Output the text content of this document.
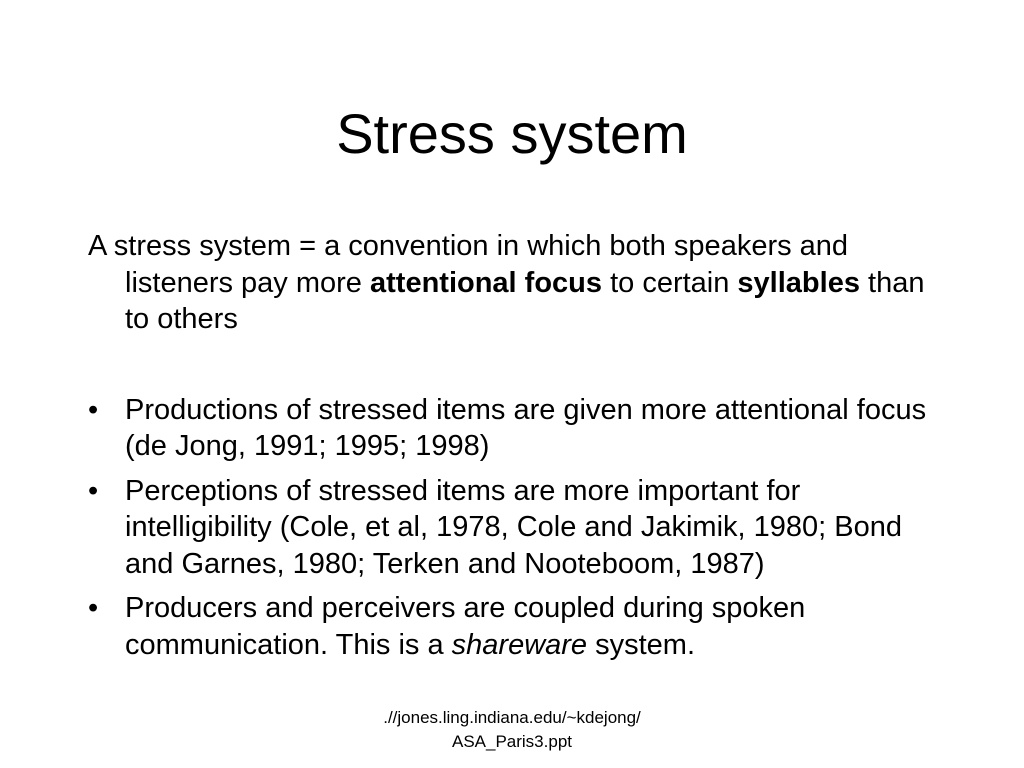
Stress system

A stress system = a convention in which both speakers and listeners pay more attentional focus to certain syllables than to others

• Productions of stressed items are given more attentional focus (de Jong, 1991; 1995; 1998)
• Perceptions of stressed items are more important for intelligibility (Cole, et al, 1978, Cole and Jakimik, 1980; Bond and Garnes, 1980; Terken and Nooteboom, 1987)
• Producers and perceivers are coupled during spoken communication. This is a shareware system.
.//jones.ling.indiana.edu/~kdejong/
ASA_Paris3.ppt
